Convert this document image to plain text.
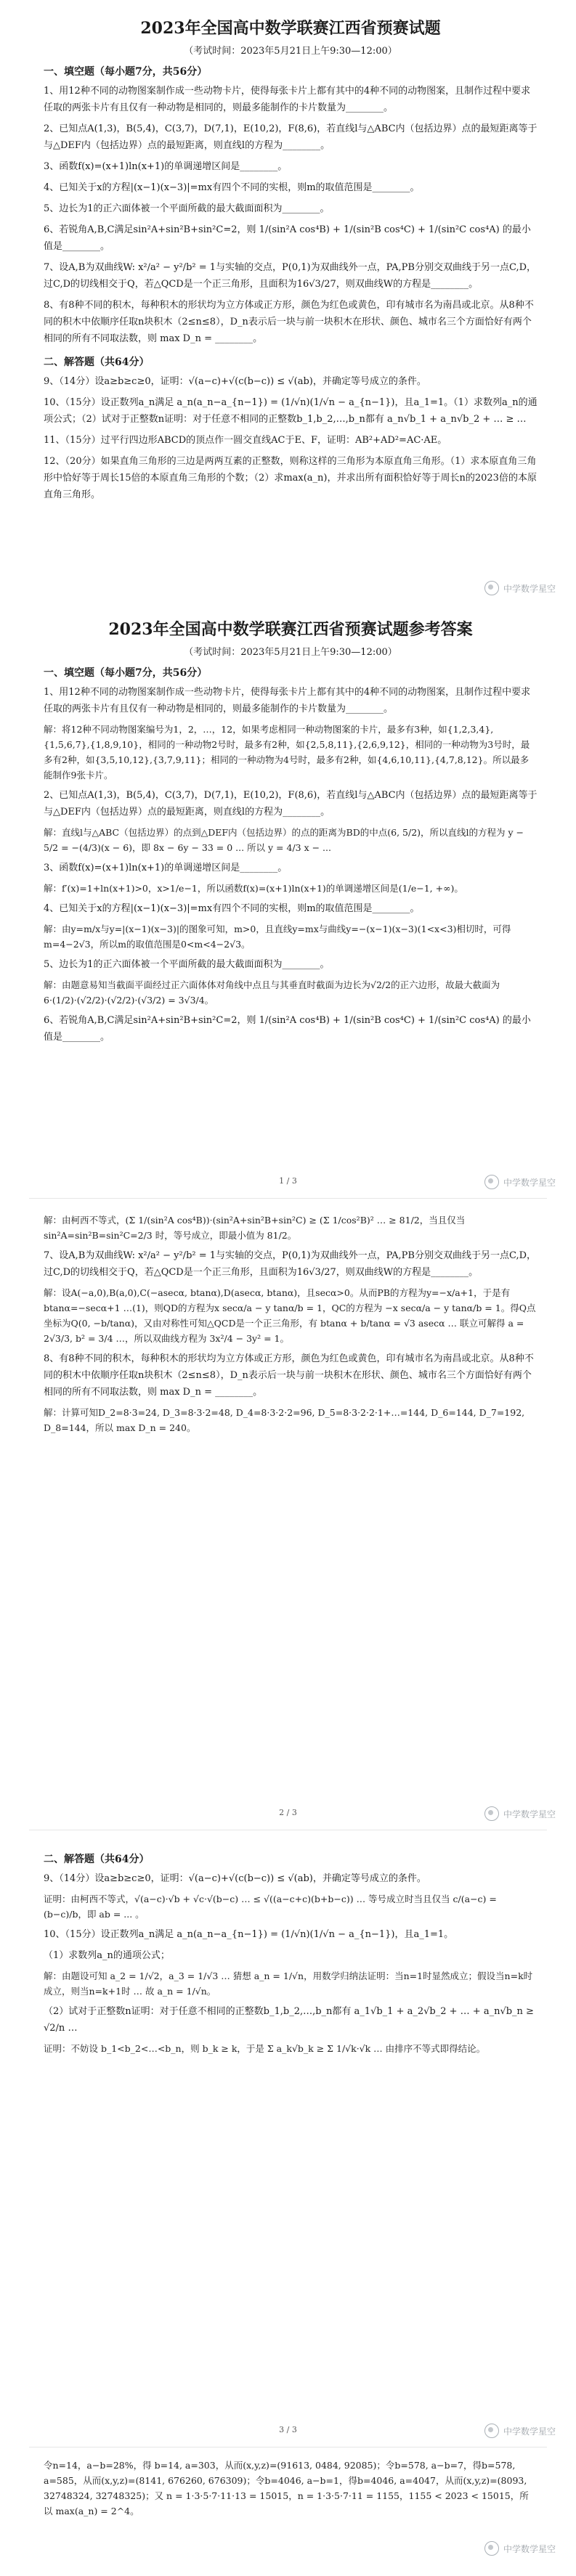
2023年全国高中数学联赛江西省预赛试题
（考试时间：2023年5月21日上午9:30—12:00）
一、填空题（每小题7分，共56分）

1、用12种不同的动物图案制作成一些动物卡片，使得每张卡片上都有其中的4种不同的动物图案，且制作过程中要求任取的两张卡片有且仅有一种动物是相同的，则最多能制作的卡片数量为________。

2、已知点A(1,3)，B(5,4)，C(3,7)，D(7,1)，E(10,2)，F(8,6)，若直线l与△ABC内（包括边界）点的最短距离等于与△DEF内（包括边界）点的最短距离，则直线l的方程为________。

3、函数f(x)=(x+1)ln(x+1)的单调递增区间是________。

4、已知关于x的方程|(x−1)(x−3)|=mx有四个不同的实根，则m的取值范围是________。

5、边长为1的正六面体被一个平面所截的最大截面面积为________。

6、若锐角A,B,C满足sin²A+sin²B+sin²C=2，则 1/(sin²A cos⁴B) + 1/(sin²B cos⁴C) + 1/(sin²C cos⁴A) 的最小值是________。

7、设A,B为双曲线W: x²/a² − y²/b² = 1与实轴的交点，P(0,1)为双曲线外一点，PA,PB分别交双曲线于另一点C,D，过C,D的切线相交于Q，若△QCD是一个正三角形，且面积为16√3/27，则双曲线W的方程是________。

8、有8种不同的积木，每种积木的形状均为立方体或正方形，颜色为红色或黄色，印有城市名为南昌或北京。从8种不同的积木中依顺序任取n块积木（2≤n≤8），D_n表示后一块与前一块积木在形状、颜色、城市名三个方面恰好有两个相同的所有不同取法数，则 max D_n = ________。

二、解答题（共64分）

9、（14分）设a≥b≥c≥0，证明：√(a−c)+√(c(b−c)) ≤ √(ab)，并确定等号成立的条件。

10、（15分）设正数列a_n满足 a_n(a_n−a_{n−1}) = (1/√n)(1/√n − a_{n−1})，且a_1=1。（1）求数列a_n的通项公式；（2）试对于正整数n证明：对于任意不相同的正整数b_1,b_2,…,b_n都有 a_n√b_1 + a_n√b_2 + … ≥ …

11、（15分）过平行四边形ABCD的顶点作一圆交直线AC于E、F，证明：AB²+AD²=AC·AE。

12、（20分）如果直角三角形的三边是两两互素的正整数，则称这样的三角形为本原直角三角形。（1）求本原直角三角形中恰好等于周长15倍的本原直角三角形的个数；（2）求max(a_n)，并求出所有面积恰好等于周长n的2023倍的本原直角三角形。

中学数学星空
2023年全国高中数学联赛江西省预赛试题参考答案
（考试时间：2023年5月21日上午9:30—12:00）
一、填空题（每小题7分，共56分）

1、用12种不同的动物图案制作成一些动物卡片，使得每张卡片上都有其中的4种不同的动物图案，且制作过程中要求任取的两张卡片有且仅有一种动物是相同的，则最多能制作的卡片数量为________。

解：将12种不同动物图案编号为1，2，…，12，如果考虑相同一种动物图案的卡片，最多有3种，如{1,2,3,4},{1,5,6,7},{1,8,9,10}，相同的一种动物2号时，最多有2种，如{2,5,8,11},{2,6,9,12}，相同的一种动物为3号时，最多有2种，如{3,5,10,12},{3,7,9,11}；相同的一种动物为4号时，最多有2种，如{4,6,10,11},{4,7,8,12}。所以最多能制作9张卡片。

2、已知点A(1,3)，B(5,4)，C(3,7)，D(7,1)，E(10,2)，F(8,6)，若直线l与△ABC内（包括边界）点的最短距离等于与△DEF内（包括边界）点的最短距离，则直线l的方程为________。

解：直线l与△ABC（包括边界）的点到△DEF内（包括边界）的点的距离为BD的中点(6, 5/2)，所以直线l的方程为 y − 5/2 = −(4/3)(x − 6)，即 8x − 6y − 33 = 0 ... 所以 y = 4/3 x − ...

3、函数f(x)=(x+1)ln(x+1)的单调递增区间是________。

解：f′(x)=1+ln(x+1)>0，x>1/e−1，所以函数f(x)=(x+1)ln(x+1)的单调递增区间是(1/e−1, +∞)。

4、已知关于x的方程|(x−1)(x−3)|=mx有四个不同的实根，则m的取值范围是________。

解：由y=m/x与y=|(x−1)(x−3)|的图象可知，m>0，且直线y=mx与曲线y=−(x−1)(x−3)(1<x<3)相切时，可得m=4−2√3，所以m的取值范围是0<m<4−2√3。

5、边长为1的正六面体被一个平面所截的最大截面面积为________。

解：由题意易知当截面平面经过正六面体体对角线中点且与其垂直时截面为边长为√2/2的正六边形，故最大截面为6·(1/2)·(√2/2)·(√2/2)·(√3/2) = 3√3/4。

6、若锐角A,B,C满足sin²A+sin²B+sin²C=2，则 1/(sin²A cos⁴B) + 1/(sin²B cos⁴C) + 1/(sin²C cos⁴A) 的最小值是________。

1 / 3	中学数学星空

解：由柯西不等式，(Σ 1/(sin²A cos⁴B))·(sin²A+sin²B+sin²C) ≥ (Σ 1/cos²B)² … ≥ 81/2，当且仅当 sin²A=sin²B=sin²C=2/3 时，等号成立，即最小值为 81/2。

7、设A,B为双曲线W: x²/a² − y²/b² = 1与实轴的交点，P(0,1)为双曲线外一点，PA,PB分别交双曲线于另一点C,D，过C,D的切线相交于Q，若△QCD是一个正三角形，且面积为16√3/27，则双曲线W的方程是________。

解：设A(−a,0),B(a,0),C(−asecα, btanα),D(asecα, btanα)，且secα>0。从而PB的方程为y=−x/a+1，于是有btanα=−secα+1 …(1)，则QD的方程为x secα/a − y tanα/b = 1，QC的方程为 −x secα/a − y tanα/b = 1。得Q点坐标为Q(0, −b/tanα)，又由对称性可知△QCD是一个正三角形，有 btanα + b/tanα = √3 asecα … 联立可解得 a = 2√3/3, b² = 3/4 …，所以双曲线方程为 3x²/4 − 3y² = 1。

8、有8种不同的积木，每种积木的形状均为立方体或正方形，颜色为红色或黄色，印有城市名为南昌或北京。从8种不同的积木中依顺序任取n块积木（2≤n≤8），D_n表示后一块与前一块积木在形状、颜色、城市名三个方面恰好有两个相同的所有不同取法数，则 max D_n = ________。

解：计算可知D_2=8·3=24, D_3=8·3·2=48, D_4=8·3·2·2=96, D_5=8·3·2·2·1+…=144, D_6=144, D_7=192, D_8=144，所以 max D_n = 240。

2 / 3	中学数学星空
二、解答题（共64分）

9、（14分）设a≥b≥c≥0，证明：√(a−c)+√(c(b−c)) ≤ √(ab)，并确定等号成立的条件。

证明：由柯西不等式，√(a−c)·√b + √c·√(b−c) … ≤ √((a−c+c)(b+b−c)) … 等号成立时当且仅当 c/(a−c) = (b−c)/b，即 ab = ... 。

10、（15分）设正数列a_n满足 a_n(a_n−a_{n−1}) = (1/√n)(1/√n − a_{n−1})，且a_1=1。

（1）求数列a_n的通项公式；

解：由题设可知 a_2 = 1/√2，a_3 = 1/√3 … 猜想 a_n = 1/√n，用数学归纳法证明：当n=1时显然成立；假设当n=k时成立，则当n=k+1时 … 故 a_n = 1/√n。

（2）试对于正整数n证明：对于任意不相同的正整数b_1,b_2,…,b_n都有 a_1√b_1 + a_2√b_2 + … + a_n√b_n ≥ √2/n …

证明：不妨设 b_1<b_2<…<b_n，则 b_k ≥ k，于是 Σ a_k√b_k ≥ Σ 1/√k·√k … 由排序不等式即得结论。

3 / 3	中学数学星空

令n=14，a−b=28%，得 b=14, a=303，从而(x,y,z)=(91613, 0484, 92085)；令b=578, a−b=7，得b=578, a=585，从而(x,y,z)=(8141, 676260, 676309)；令b=4046, a−b=1，得b=4046, a=4047，从而(x,y,z)=(8093, 32748324, 32748325)；又 n = 1·3·5·7·11·13 = 15015，n = 1·3·5·7·11 = 1155，1155 < 2023 < 15015，所以 max(a_n) = 2^4。

中学数学星空
